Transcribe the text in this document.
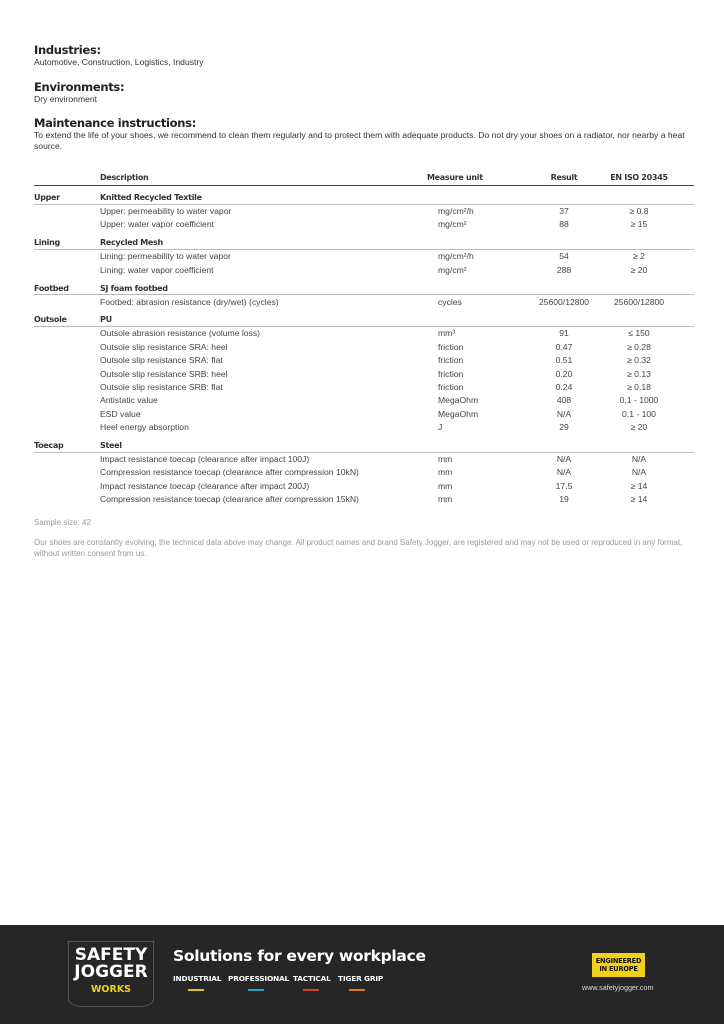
Industries:
Automotive, Construction, Logistics, Industry
Environments:
Dry environment
Maintenance instructions:
To extend the life of your shoes, we recommend to clean them regularly and to protect them with adequate products. Do not dry your shoes on a radiator, nor nearby a heat source.
Description	Measure unit	Result	EN ISO 20345
Upper	Knitted Recycled Textile
Upper: permeability to water vapor	mg/cm²/h	37	≥ 0.8
Upper: water vapor coefficient	mg/cm²	88	≥ 15
Lining	Recycled Mesh
Lining: permeability to water vapor	mg/cm²/h	54	≥ 2
Lining: water vapor coefficient	mg/cm²	288	≥ 20
Footbed	SJ foam footbed
Footbed: abrasion resistance (dry/wet) (cycles)	cycles	25600/12800	25600/12800
Outsole	PU
Outsole abrasion resistance (volume loss)	mm³	91	≤ 150
Outsole slip resistance SRA: heel	friction	0.47	≥ 0.28
Outsole slip resistance SRA: flat	friction	0.51	≥ 0.32
Outsole slip resistance SRB: heel	friction	0.20	≥ 0.13
Outsole slip resistance SRB: flat	friction	0.24	≥ 0.18
Antistatic value	MegaOhm	408	0.1 - 1000
ESD value	MegaOhm	N/A	0.1 - 100
Heel energy absorption	J	29	≥ 20
Toecap	Steel
Impact resistance toecap (clearance after impact 100J)	mm	N/A	N/A
Compression resistance toecap (clearance after compression 10kN)	mm	N/A	N/A
Impact resistance toecap (clearance after impact 200J)	mm	17.5	≥ 14
Compression resistance toecap (clearance after compression 15kN)	mm	19	≥ 14
Sample size: 42
Our shoes are constantly evolving, the technical data above may change. All product names and brand Safety Jogger, are registered and may not be used or reproduced in any format, without written consent from us.
SAFETY
JOGGER
WORKS
Solutions for every workplace
INDUSTRIAL PROFESSIONAL TACTICAL TIGER GRIP
ENGINEERED
IN EUROPE
www.safetyjogger.com
